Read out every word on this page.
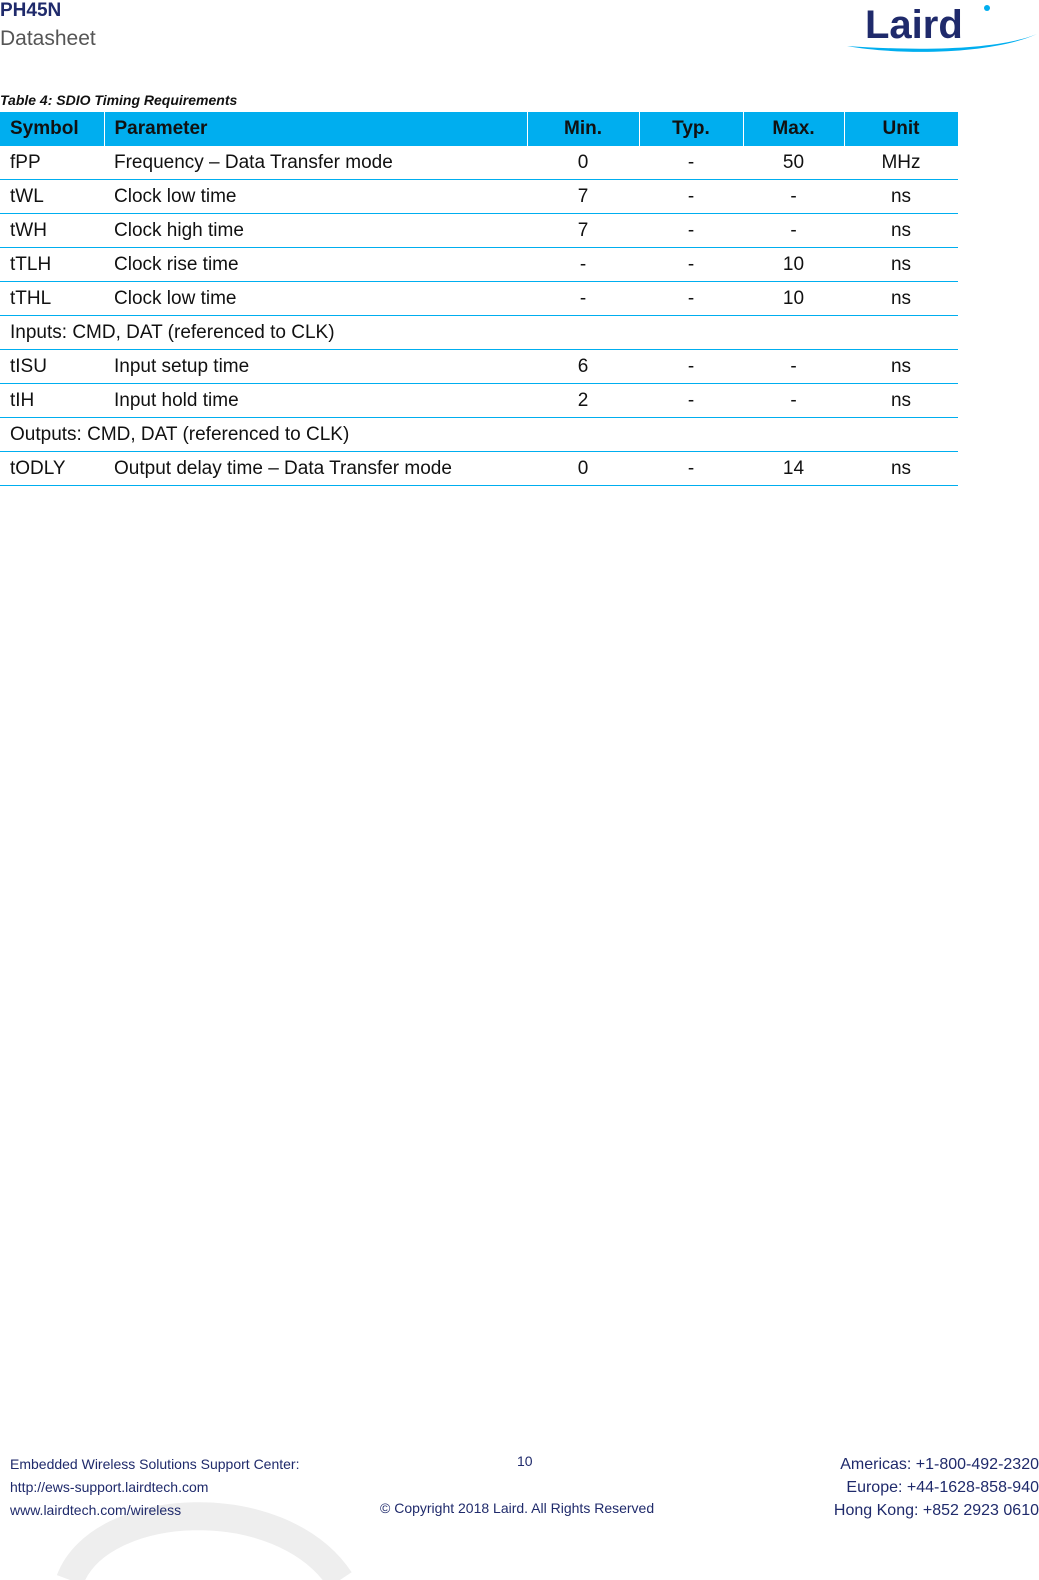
PH45N
Datasheet	Laird
Table 4: SDIO Timing Requirements
Symbol	Parameter	Min.	Typ.	Max.	Unit
fPP	Frequency – Data Transfer mode	0	-	50	MHz
tWL	Clock low time	7	-	-	ns
tWH	Clock high time	7	-	-	ns
tTLH	Clock rise time	-	-	10	ns
tTHL	Clock low time	-	-	10	ns
Inputs: CMD, DAT (referenced to CLK)					
tISU	Input setup time	6	-	-	ns
tIH	Input hold time	2	-	-	ns
Outputs: CMD, DAT (referenced to CLK)					
tODLY	Output delay time – Data Transfer mode	0	-	14	ns
Embedded Wireless Solutions Support Center:
http://ews-support.lairdtech.com
www.lairdtech.com/wireless
10
© Copyright 2018 Laird. All Rights Reserved
Americas: +1-800-492-2320
Europe: +44-1628-858-940
Hong Kong: +852 2923 0610
